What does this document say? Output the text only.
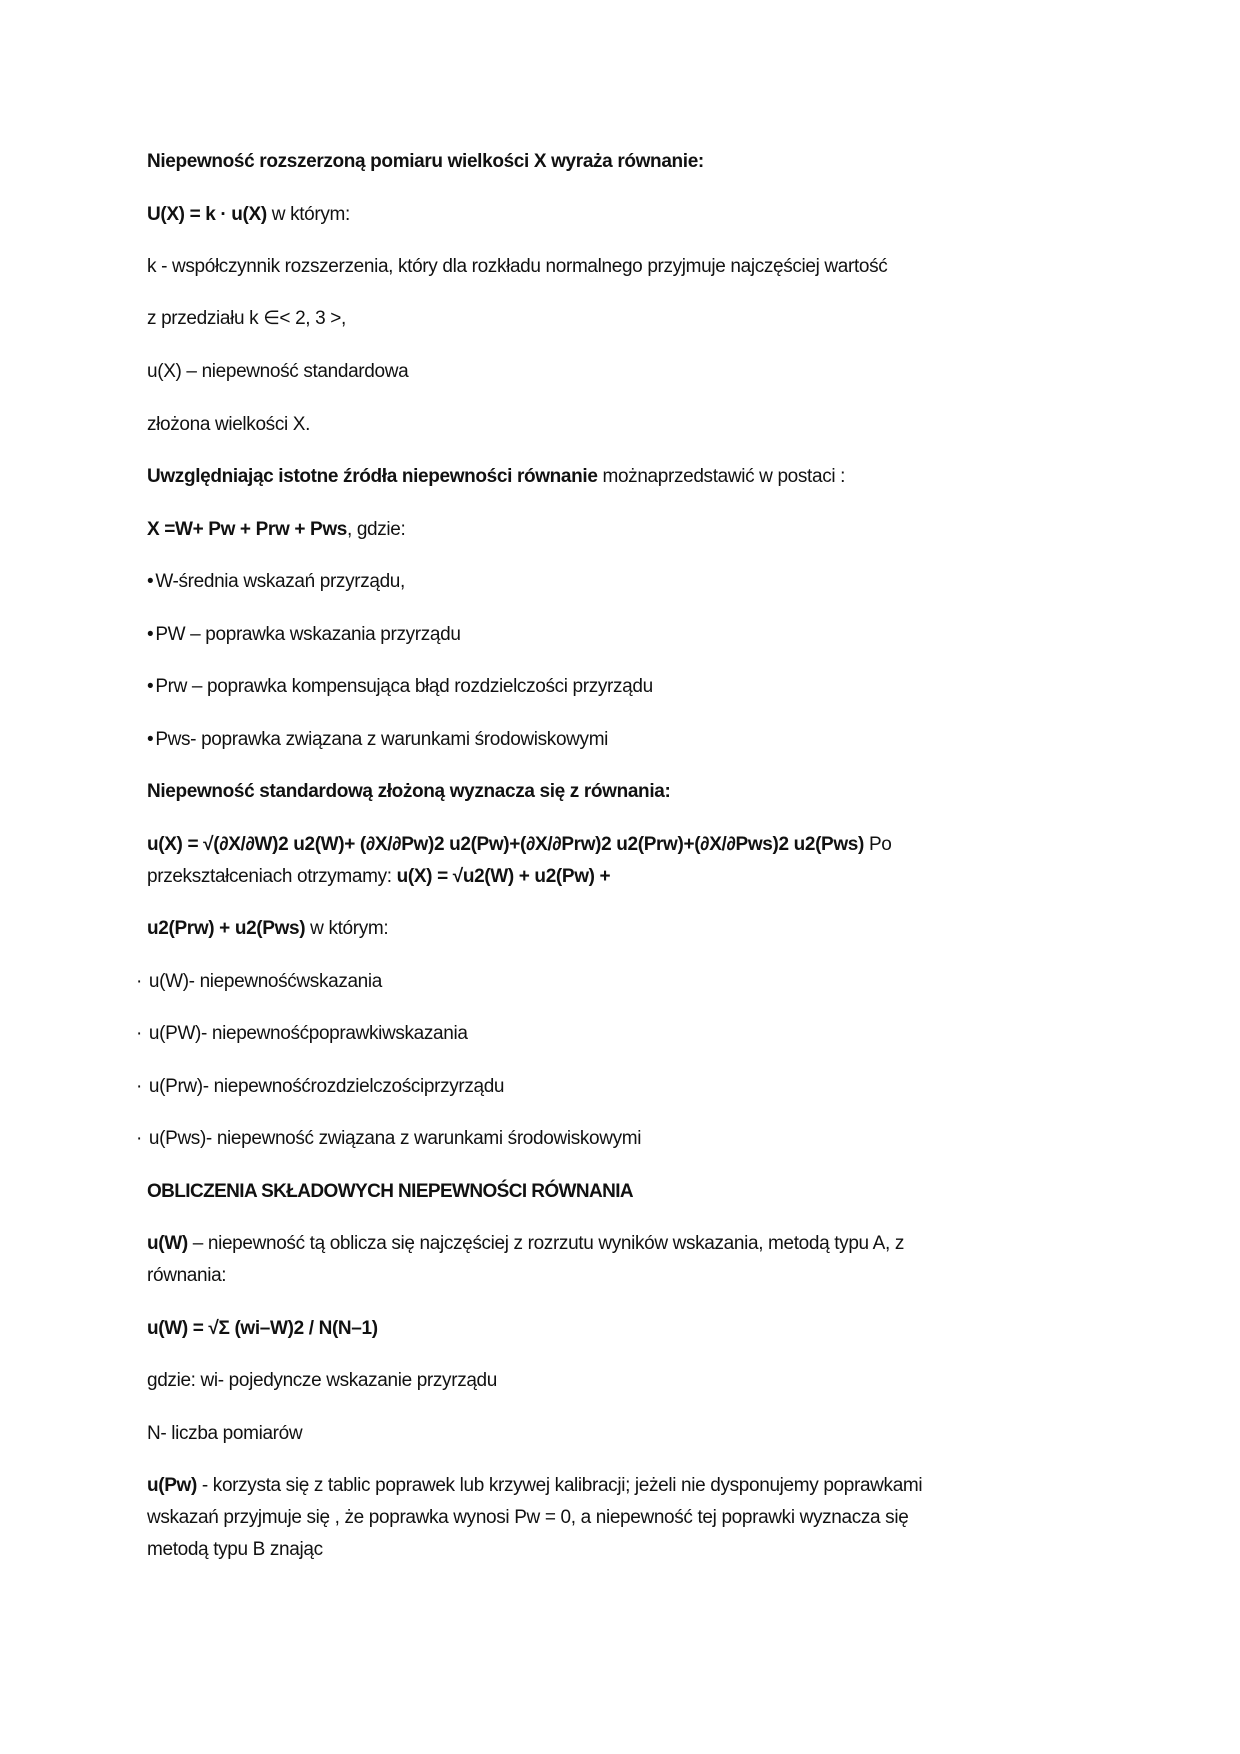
Niepewność rozszerzoną pomiaru wielkości X wyraża równanie:
U(X) = k · u(X) w którym:
k - współczynnik rozszerzenia, który dla rozkładu normalnego przyjmuje najczęściej wartość
z przedziału k ∈< 2, 3 >,
u(X) – niepewność standardowa
złożona wielkości X.
Uwzględniając istotne źródła niepewności równanie możnaprzedstawić w postaci :
X =W+ Pw + Prw + Pws, gdzie:
• W-średnia wskazań przyrządu,
• PW – poprawka wskazania przyrządu
• Prw – poprawka kompensująca błąd rozdzielczości przyrządu
• Pws- poprawka związana z warunkami środowiskowymi
Niepewność standardową złożoną wyznacza się z równania:
u(X) = √(∂X/∂W)2 u2(W)+ (∂X/∂Pw)2 u2(Pw)+(∂X/∂Prw)2 u2(Prw)+(∂X/∂Pws)2 u2(Pws) Po
przekształceniach otrzymamy: u(X) = √u2(W) + u2(Pw) +
u2(Prw) + u2(Pws) w którym:
· u(W)- niepewnośćwskazania
· u(PW)- niepewnośćpoprawkiwskazania
· u(Prw)- niepewnośćrozdzielczościprzyrządu
· u(Pws)- niepewność związana z warunkami środowiskowymi
OBLICZENIA SKŁADOWYCH NIEPEWNOŚCI RÓWNANIA
u(W) – niepewność tą oblicza się najczęściej z rozrzutu wyników wskazania, metodą typu A, z
równania:
u(W) = √Σ (wi–W)2 / N(N–1)
gdzie: wi- pojedyncze wskazanie przyrządu
N- liczba pomiarów
u(Pw) - korzysta się z tablic poprawek lub krzywej kalibracji; jeżeli nie dysponujemy poprawkami
wskazań przyjmuje się , że poprawka wynosi Pw = 0, a niepewność tej poprawki wyznacza się
metodą typu B znając
